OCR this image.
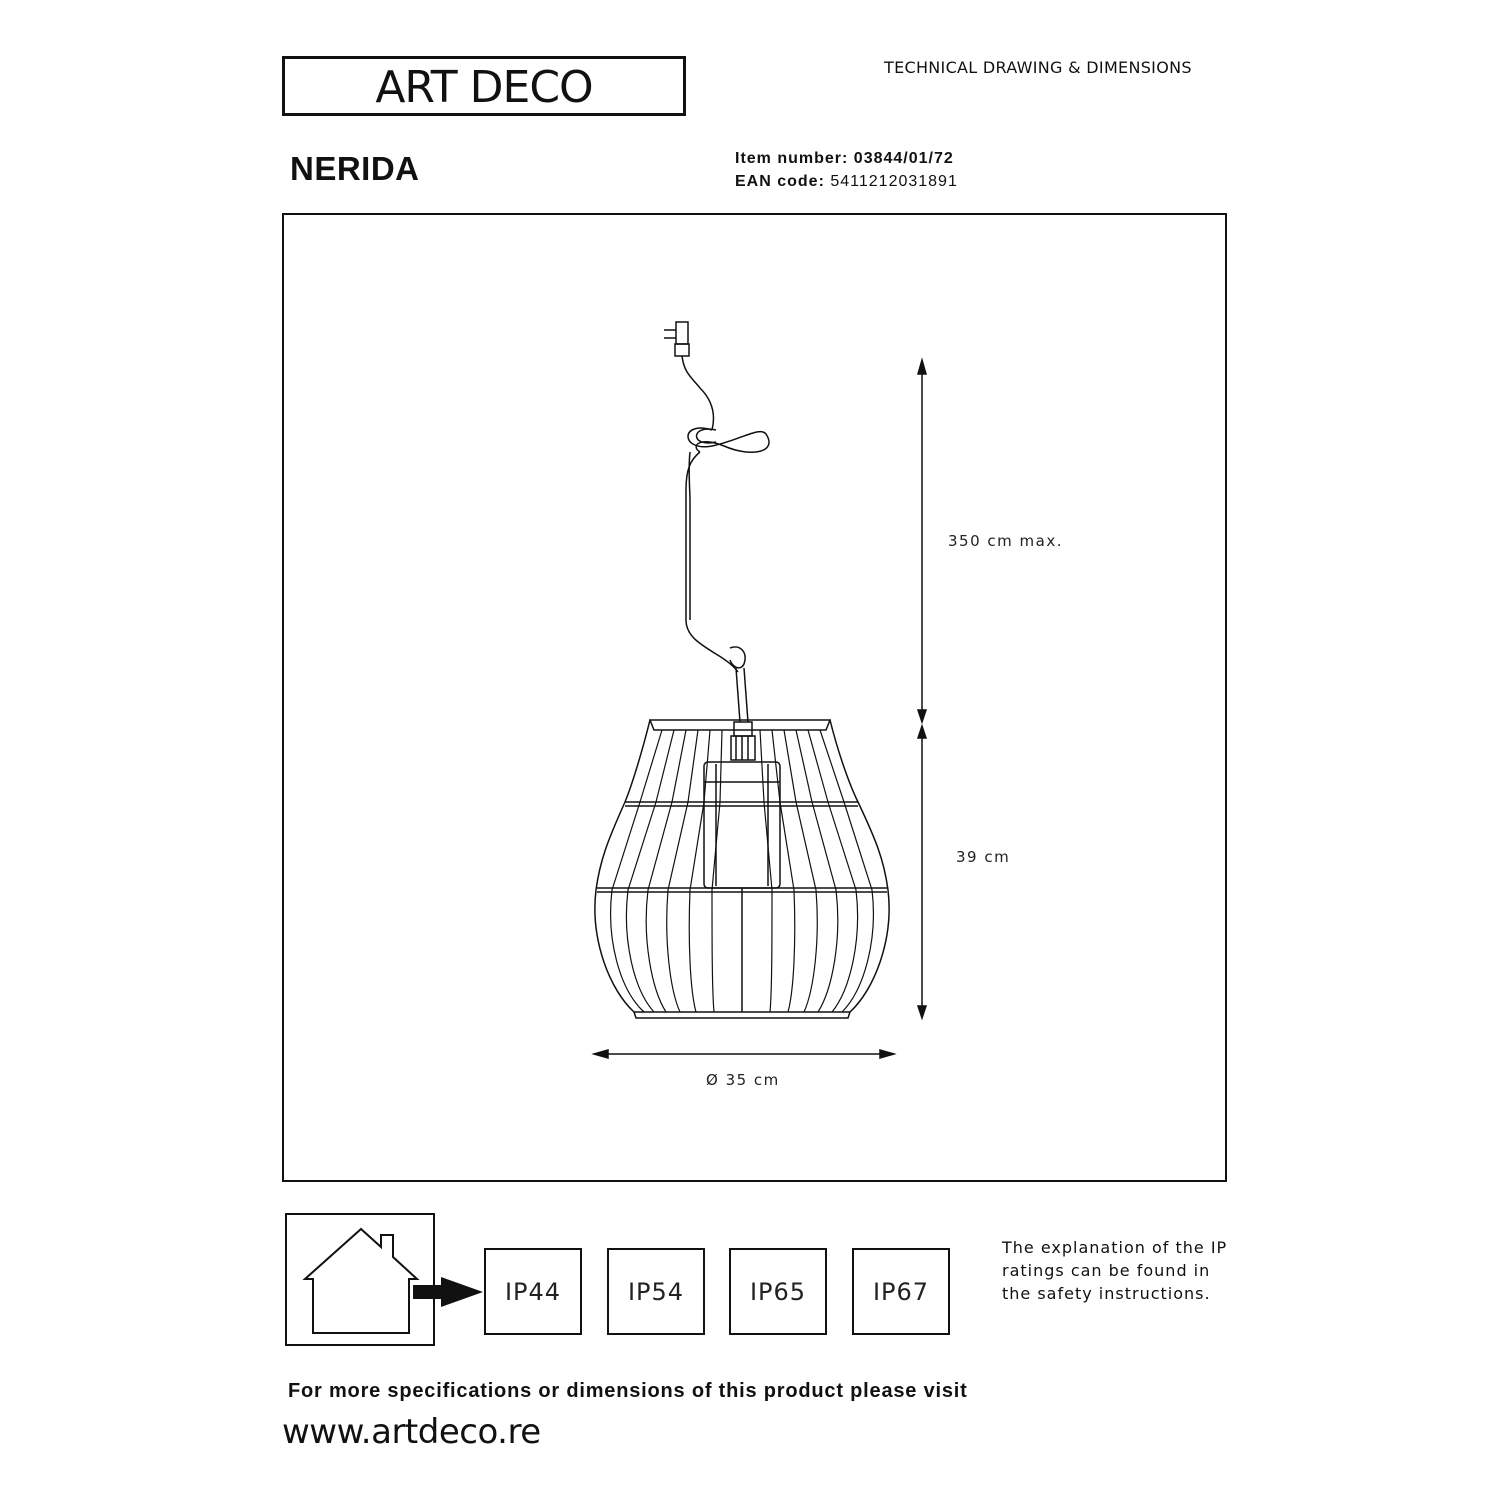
ART DECO	TECHNICAL DRAWING & DIMENSIONS
NERIDA	Item number: 03844/01/72
EAN code: 5411212031891
350 cm max.
39 cm
Ø 35 cm
IP44	IP54	IP65	IP67
The explanation of the IP ratings can be found in the safety instructions.
For more specifications or dimensions of this product please visit
www.artdeco.re
